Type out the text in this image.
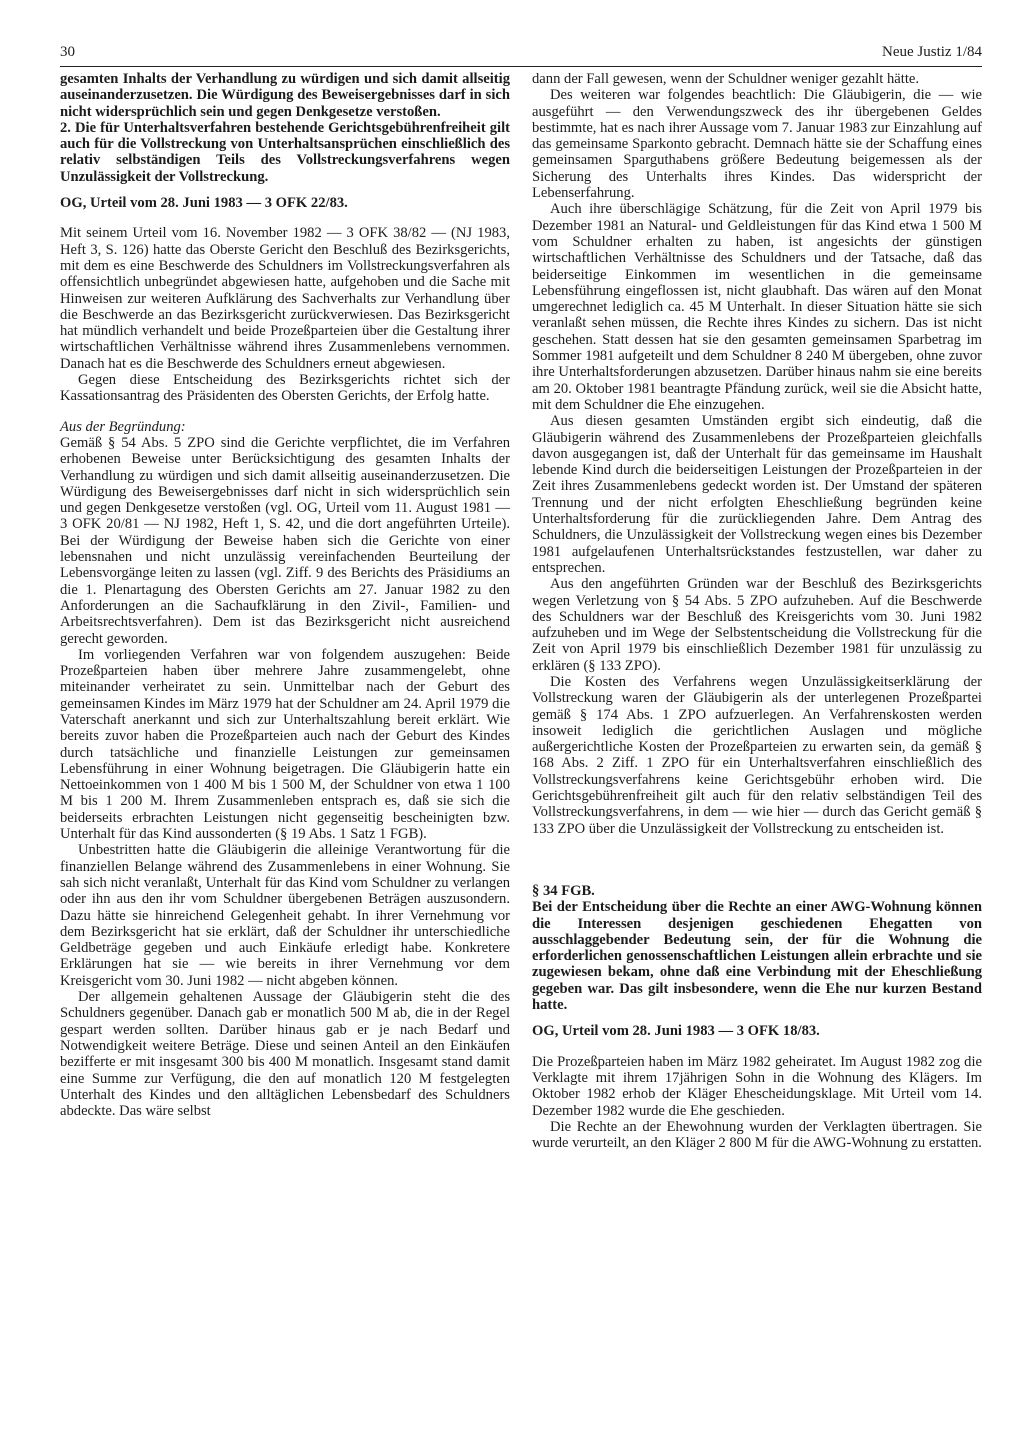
30	Neue Justiz 1/84

gesamten Inhalts der Verhandlung zu würdigen und sich damit allseitig auseinanderzusetzen. Die Würdigung des Beweisergebnisses darf in sich nicht widersprüchlich sein und gegen Denkgesetze verstoßen.

2. Die für Unterhaltsverfahren bestehende Gerichtsgebührenfreiheit gilt auch für die Vollstreckung von Unterhaltsansprüchen einschließlich des relativ selbständigen Teils des Vollstreckungsverfahrens wegen Unzulässigkeit der Vollstreckung.

OG, Urteil vom 28. Juni 1983 — 3 OFK 22/83.

Mit seinem Urteil vom 16. November 1982 — 3 OFK 38/82 — (NJ 1983, Heft 3, S. 126) hatte das Oberste Gericht den Beschluß des Bezirksgerichts, mit dem es eine Beschwerde des Schuldners im Vollstreckungsverfahren als offensichtlich unbegründet abgewiesen hatte, aufgehoben und die Sache mit Hinweisen zur weiteren Aufklärung des Sachverhalts zur Verhandlung über die Beschwerde an das Bezirksgericht zurückverwiesen. Das Bezirksgericht hat mündlich verhandelt und beide Prozeßparteien über die Gestaltung ihrer wirtschaftlichen Verhältnisse während ihres Zusammenlebens vernommen. Danach hat es die Beschwerde des Schuldners erneut abgewiesen.

Gegen diese Entscheidung des Bezirksgerichts richtet sich der Kassationsantrag des Präsidenten des Obersten Gerichts, der Erfolg hatte.

Aus der Begründung:

Gemäß § 54 Abs. 5 ZPO sind die Gerichte verpflichtet, die im Verfahren erhobenen Beweise unter Berücksichtigung des gesamten Inhalts der Verhandlung zu würdigen und sich damit allseitig auseinanderzusetzen. Die Würdigung des Beweisergebnisses darf nicht in sich widersprüchlich sein und gegen Denkgesetze verstoßen (vgl. OG, Urteil vom 11. August 1981 — 3 OFK 20/81 — NJ 1982, Heft 1, S. 42, und die dort angeführten Urteile). Bei der Würdigung der Beweise haben sich die Gerichte von einer lebensnahen und nicht unzulässig vereinfachenden Beurteilung der Lebensvorgänge leiten zu lassen (vgl. Ziff. 9 des Berichts des Präsidiums an die 1. Plenartagung des Obersten Gerichts am 27. Januar 1982 zu den Anforderungen an die Sachaufklärung in den Zivil-, Familien- und Arbeitsrechtsverfahren). Dem ist das Bezirksgericht nicht ausreichend gerecht geworden.

Im vorliegenden Verfahren war von folgendem auszugehen: Beide Prozeßparteien haben über mehrere Jahre zusammengelebt, ohne miteinander verheiratet zu sein. Unmittelbar nach der Geburt des gemeinsamen Kindes im März 1979 hat der Schuldner am 24. April 1979 die Vaterschaft anerkannt und sich zur Unterhaltszahlung bereit erklärt. Wie bereits zuvor haben die Prozeßparteien auch nach der Geburt des Kindes durch tatsächliche und finanzielle Leistungen zur gemeinsamen Lebensführung in einer Wohnung beigetragen. Die Gläubigerin hatte ein Nettoeinkommen von 1 400 M bis 1 500 M, der Schuldner von etwa 1 100 M bis 1 200 M. Ihrem Zusammenleben entsprach es, daß sie sich die beiderseits erbrachten Leistungen nicht gegenseitig bescheinigten bzw. Unterhalt für das Kind aussonderten (§ 19 Abs. 1 Satz 1 FGB).

Unbestritten hatte die Gläubigerin die alleinige Verantwortung für die finanziellen Belange während des Zusammenlebens in einer Wohnung. Sie sah sich nicht veranlaßt, Unterhalt für das Kind vom Schuldner zu verlangen oder ihn aus den ihr vom Schuldner übergebenen Beträgen auszusondern. Dazu hätte sie hinreichend Gelegenheit gehabt. In ihrer Vernehmung vor dem Bezirksgericht hat sie erklärt, daß der Schuldner ihr unterschiedliche Geldbeträge gegeben und auch Einkäufe erledigt habe. Konkretere Erklärungen hat sie — wie bereits in ihrer Vernehmung vor dem Kreisgericht vom 30. Juni 1982 — nicht abgeben können.

Der allgemein gehaltenen Aussage der Gläubigerin steht die des Schuldners gegenüber. Danach gab er monatlich 500 M ab, die in der Regel gespart werden sollten. Darüber hinaus gab er je nach Bedarf und Notwendigkeit weitere Beträge. Diese und seinen Anteil an den Einkäufen bezifferte er mit insgesamt 300 bis 400 M monatlich. Insgesamt stand damit eine Summe zur Verfügung, die den auf monatlich 120 M festgelegten Unterhalt des Kindes und den alltäglichen Lebensbedarf des Schuldners abdeckte. Das wäre selbst

dann der Fall gewesen, wenn der Schuldner weniger gezahlt hätte.

Des weiteren war folgendes beachtlich: Die Gläubigerin, die — wie ausgeführt — den Verwendungszweck des ihr übergebenen Geldes bestimmte, hat es nach ihrer Aussage vom 7. Januar 1983 zur Einzahlung auf das gemeinsame Sparkonto gebracht. Demnach hätte sie der Schaffung eines gemeinsamen Sparguthabens größere Bedeutung beigemessen als der Sicherung des Unterhalts ihres Kindes. Das widerspricht der Lebenserfahrung.

Auch ihre überschlägige Schätzung, für die Zeit von April 1979 bis Dezember 1981 an Natural- und Geldleistungen für das Kind etwa 1 500 M vom Schuldner erhalten zu haben, ist angesichts der günstigen wirtschaftlichen Verhältnisse des Schuldners und der Tatsache, daß das beiderseitige Einkommen im wesentlichen in die gemeinsame Lebensführung eingeflossen ist, nicht glaubhaft. Das wären auf den Monat umgerechnet lediglich ca. 45 M Unterhalt. In dieser Situation hätte sie sich veranlaßt sehen müssen, die Rechte ihres Kindes zu sichern. Das ist nicht geschehen. Statt dessen hat sie den gesamten gemeinsamen Sparbetrag im Sommer 1981 aufgeteilt und dem Schuldner 8 240 M übergeben, ohne zuvor ihre Unterhaltsforderungen abzusetzen. Darüber hinaus nahm sie eine bereits am 20. Oktober 1981 beantragte Pfändung zurück, weil sie die Absicht hatte, mit dem Schuldner die Ehe einzugehen.

Aus diesen gesamten Umständen ergibt sich eindeutig, daß die Gläubigerin während des Zusammenlebens der Prozeßparteien gleichfalls davon ausgegangen ist, daß der Unterhalt für das gemeinsame im Haushalt lebende Kind durch die beiderseitigen Leistungen der Prozeßparteien in der Zeit ihres Zusammenlebens gedeckt worden ist. Der Umstand der späteren Trennung und der nicht erfolgten Eheschließung begründen keine Unterhaltsforderung für die zurückliegenden Jahre. Dem Antrag des Schuldners, die Unzulässigkeit der Vollstreckung wegen eines bis Dezember 1981 aufgelaufenen Unterhaltsrückstandes festzustellen, war daher zu entsprechen.

Aus den angeführten Gründen war der Beschluß des Bezirksgerichts wegen Verletzung von § 54 Abs. 5 ZPO aufzuheben. Auf die Beschwerde des Schuldners war der Beschluß des Kreisgerichts vom 30. Juni 1982 aufzuheben und im Wege der Selbstentscheidung die Vollstreckung für die Zeit von April 1979 bis einschließlich Dezember 1981 für unzulässig zu erklären (§ 133 ZPO).

Die Kosten des Verfahrens wegen Unzulässigkeitserklärung der Vollstreckung waren der Gläubigerin als der unterlegenen Prozeßpartei gemäß § 174 Abs. 1 ZPO aufzuerlegen. An Verfahrenskosten werden insoweit lediglich die gerichtlichen Auslagen und mögliche außergerichtliche Kosten der Prozeßparteien zu erwarten sein, da gemäß § 168 Abs. 2 Ziff. 1 ZPO für ein Unterhaltsverfahren einschließlich des Vollstreckungsverfahrens keine Gerichtsgebühr erhoben wird. Die Gerichtsgebührenfreiheit gilt auch für den relativ selbständigen Teil des Vollstreckungsverfahrens, in dem — wie hier — durch das Gericht gemäß § 133 ZPO über die Unzulässigkeit der Vollstreckung zu entscheiden ist.

§ 34 FGB.

Bei der Entscheidung über die Rechte an einer AWG-Wohnung können die Interessen desjenigen geschiedenen Ehegatten von ausschlaggebender Bedeutung sein, der für die Wohnung die erforderlichen genossenschaftlichen Leistungen allein erbrachte und sie zugewiesen bekam, ohne daß eine Verbindung mit der Eheschließung gegeben war. Das gilt insbesondere, wenn die Ehe nur kurzen Bestand hatte.

OG, Urteil vom 28. Juni 1983 — 3 OFK 18/83.

Die Prozeßparteien haben im März 1982 geheiratet. Im August 1982 zog die Verklagte mit ihrem 17jährigen Sohn in die Wohnung des Klägers. Im Oktober 1982 erhob der Kläger Ehescheidungsklage. Mit Urteil vom 14. Dezember 1982 wurde die Ehe geschieden.

Die Rechte an der Ehewohnung wurden der Verklagten übertragen. Sie wurde verurteilt, an den Kläger 2 800 M für die AWG-Wohnung zu erstatten.
